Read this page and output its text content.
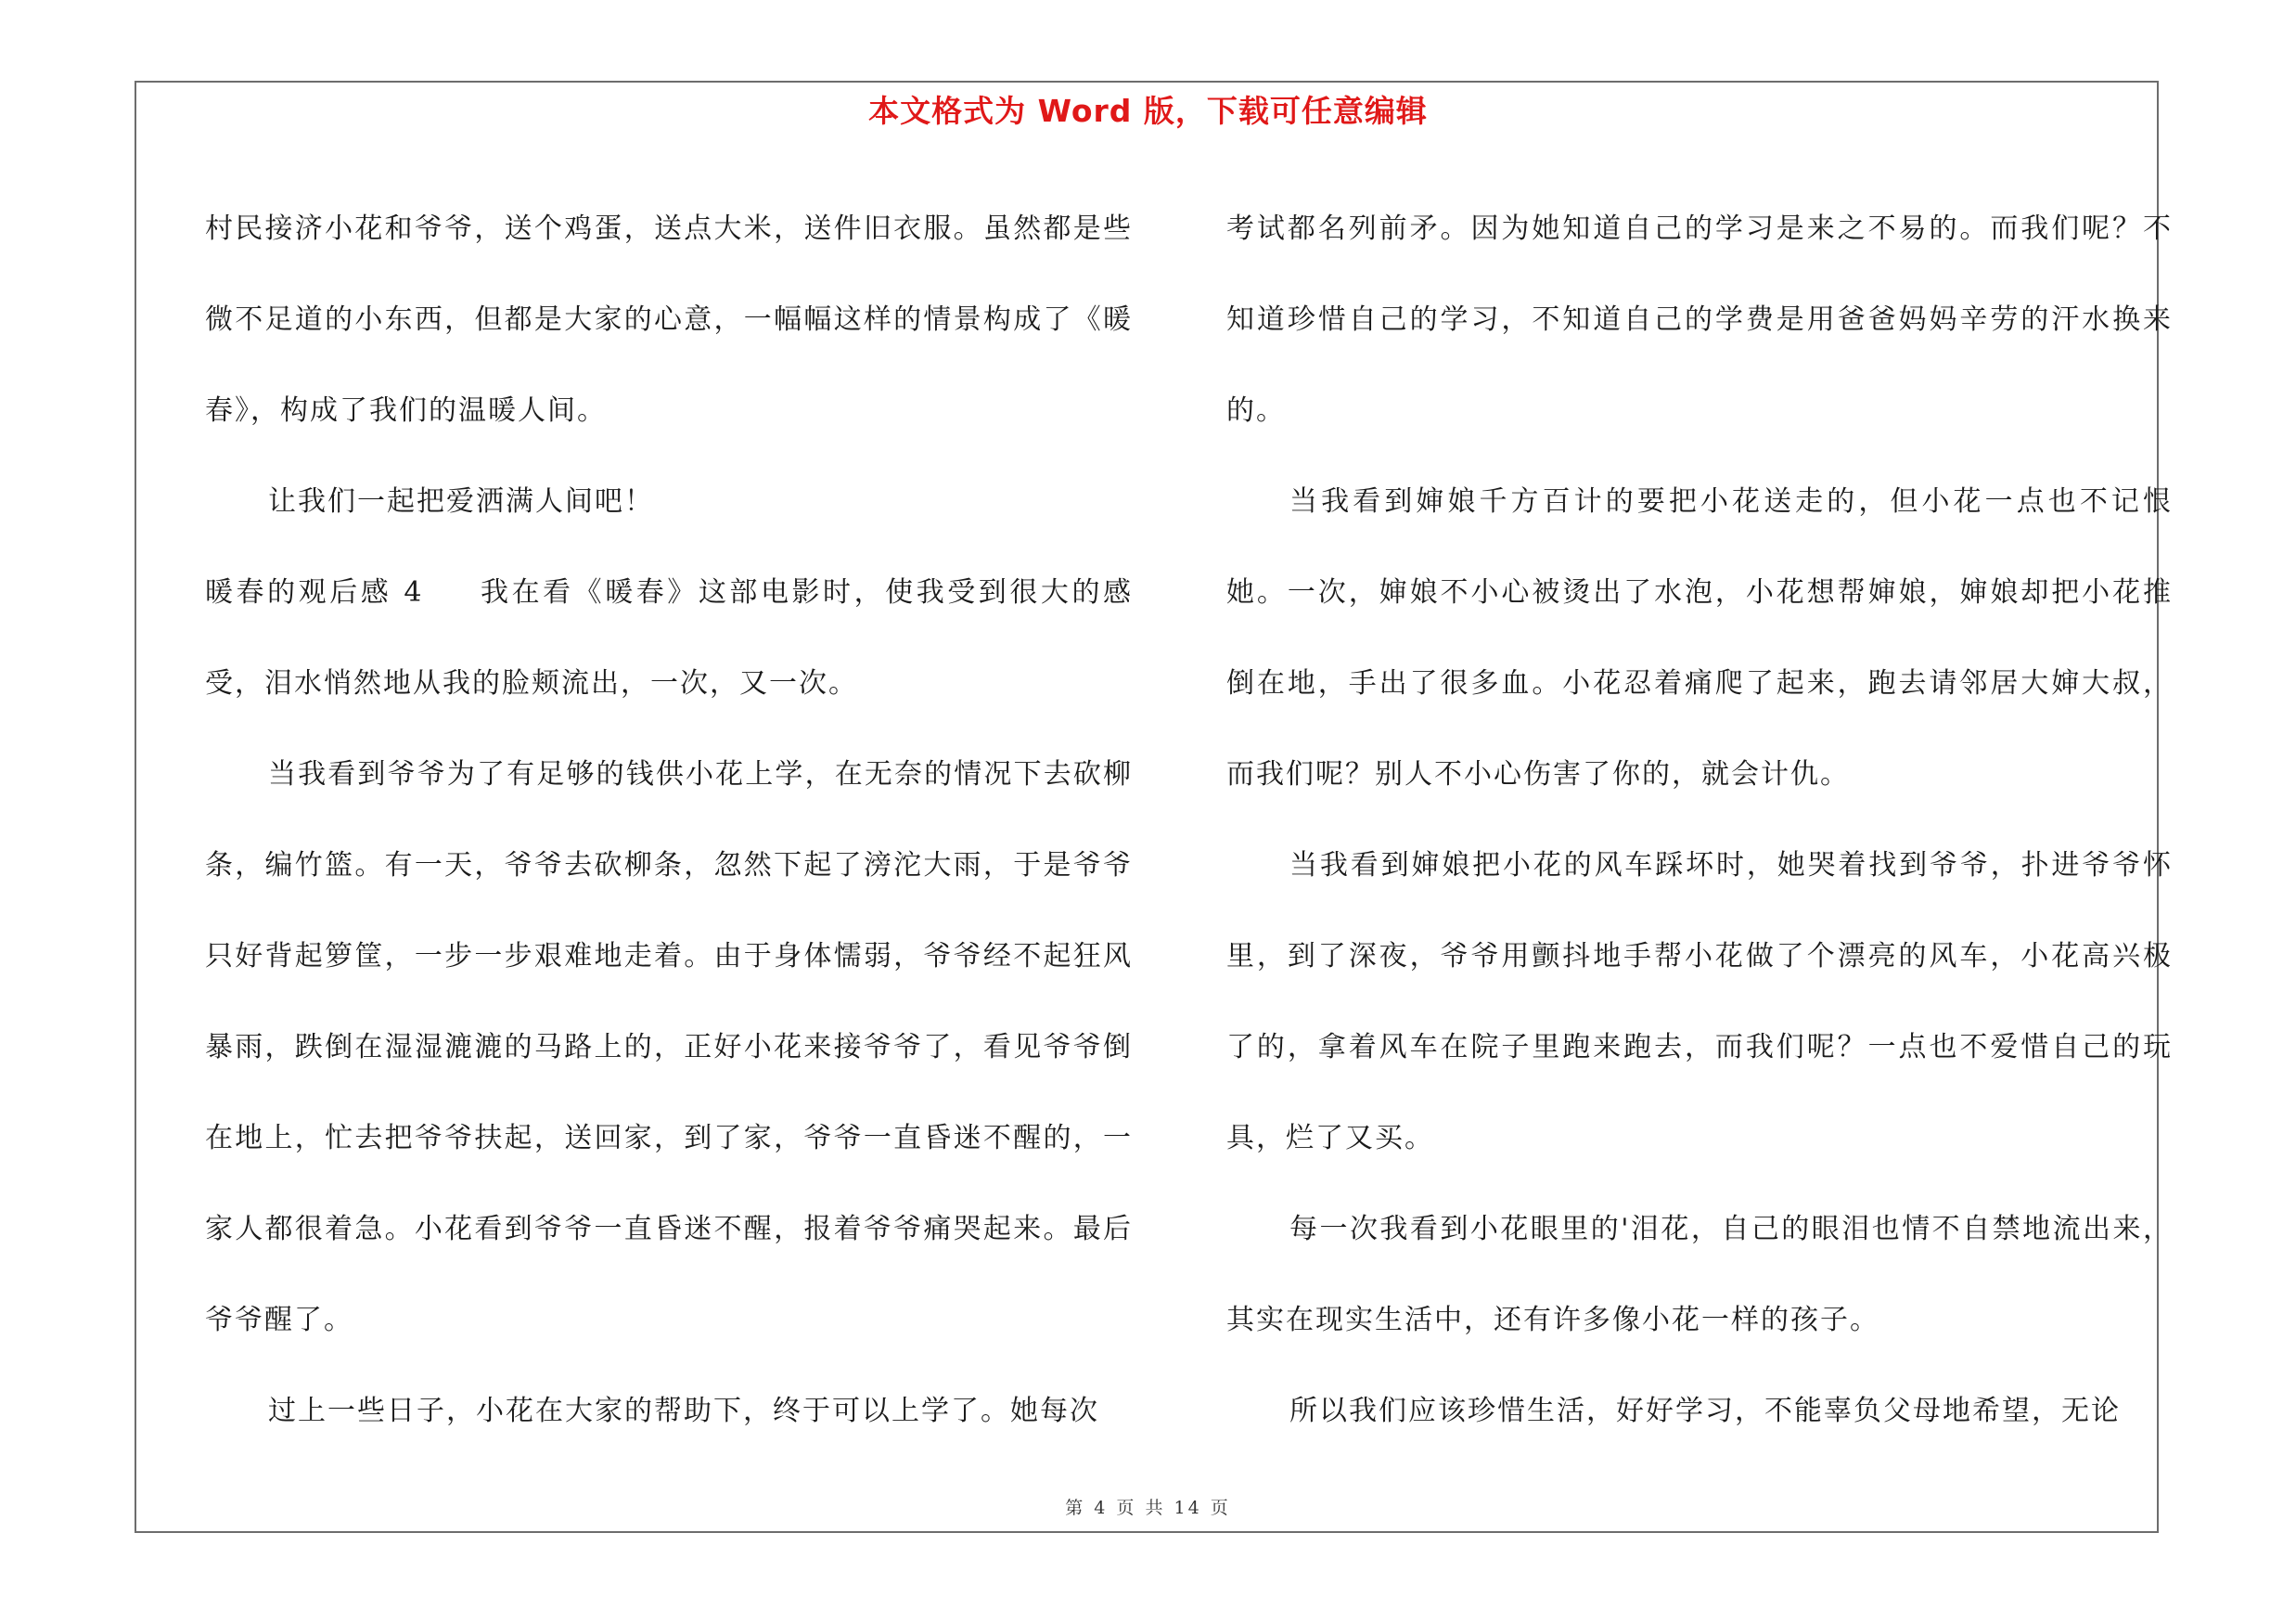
本文格式为 Word 版，下载可任意编辑

村民接济小花和爷爷，送个鸡蛋，送点大米，送件旧衣服。虽然都是些微不足道的小东西，但都是大家的心意，一幅幅这样的情景构成了《暖春》，构成了我们的温暖人间。

让我们一起把爱洒满人间吧！

暖春的观后感 4 我在看《暖春》这部电影时，使我受到很大的感受，泪水悄然地从我的脸颊流出，一次，又一次。

当我看到爷爷为了有足够的钱供小花上学，在无奈的情况下去砍柳条，编竹篮。有一天，爷爷去砍柳条，忽然下起了滂沱大雨，于是爷爷只好背起箩筐，一步一步艰难地走着。由于身体懦弱，爷爷经不起狂风暴雨，跌倒在湿湿漉漉的马路上的，正好小花来接爷爷了，看见爷爷倒在地上，忙去把爷爷扶起，送回家，到了家，爷爷一直昏迷不醒的，一家人都很着急。小花看到爷爷一直昏迷不醒，报着爷爷痛哭起来。最后爷爷醒了。

过上一些日子，小花在大家的帮助下，终于可以上学了。她每次

考试都名列前矛。因为她知道自己的学习是来之不易的。而我们呢？不知道珍惜自己的学习，不知道自己的学费是用爸爸妈妈辛劳的汗水换来的。

当我看到婶娘千方百计的要把小花送走的，但小花一点也不记恨她。一次，婶娘不小心被烫出了水泡，小花想帮婶娘，婶娘却把小花推倒在地，手出了很多血。小花忍着痛爬了起来，跑去请邻居大婶大叔，而我们呢？别人不小心伤害了你的，就会计仇。

当我看到婶娘把小花的风车踩坏时，她哭着找到爷爷，扑进爷爷怀里，到了深夜，爷爷用颤抖地手帮小花做了个漂亮的风车，小花高兴极了的，拿着风车在院子里跑来跑去，而我们呢？一点也不爱惜自己的玩具，烂了又买。

每一次我看到小花眼里的'泪花，自己的眼泪也情不自禁地流出来，其实在现实生活中，还有许多像小花一样的孩子。

所以我们应该珍惜生活，好好学习，不能辜负父母地希望，无论

第 4 页 共 14 页
